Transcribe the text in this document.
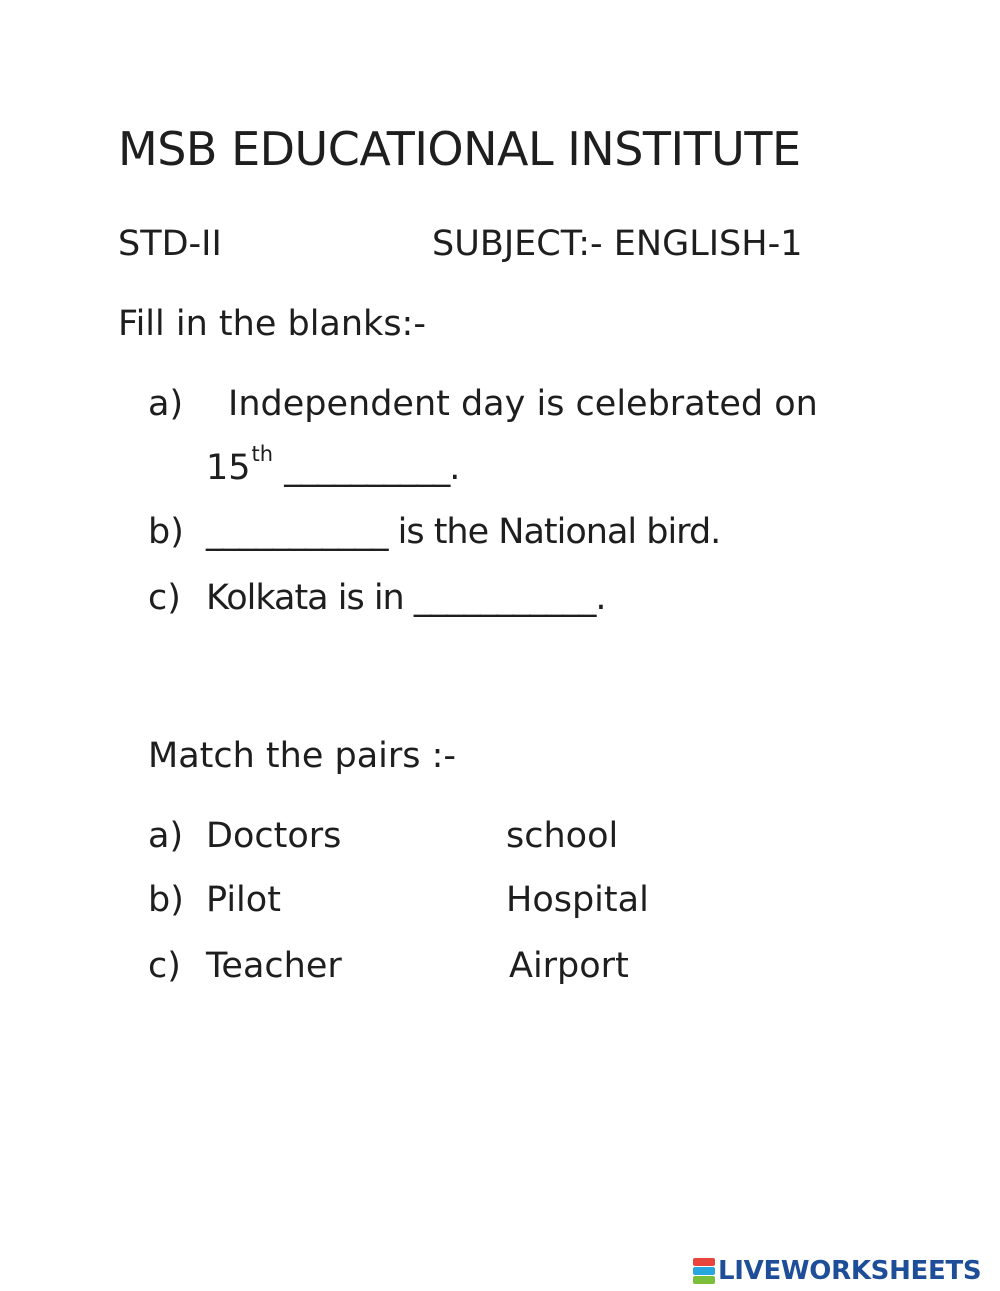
MSB EDUCATIONAL INSTITUTE
STD-II	SUBJECT:- ENGLISH-1
Fill in the blanks:-
a) Independent day is celebrated on
15th __________.
b) ___________ is the National bird.
c) Kolkata is in ___________.
Match the pairs :-
a) Doctors	school
b) Pilot	Hospital
c) Teacher	Airport
LIVEWORKSHEETS
